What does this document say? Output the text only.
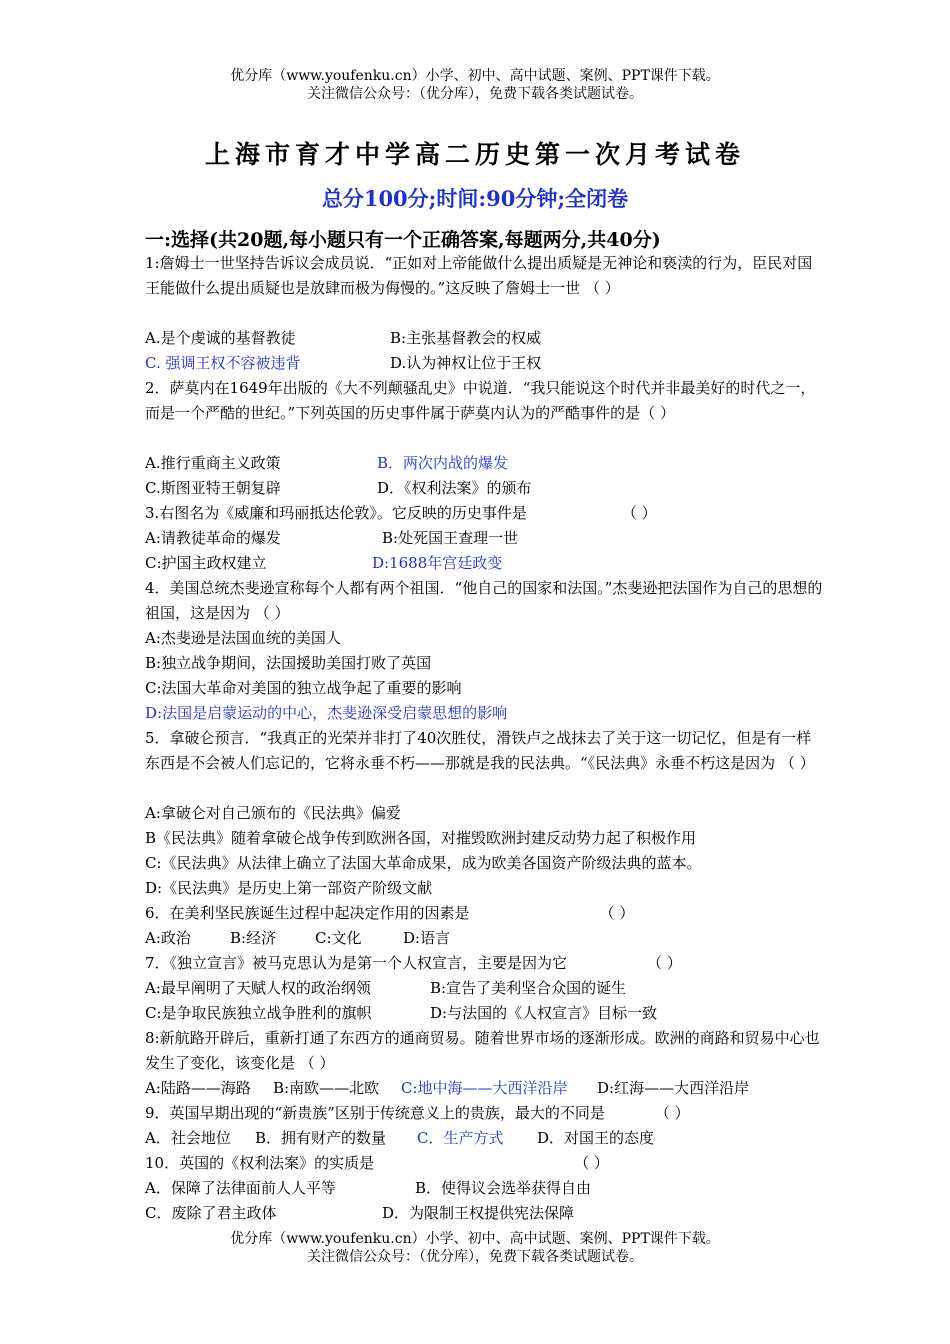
优分库（www.youfenku.cn）小学、初中、高中试题、案例、PPT课件下载。
关注微信公众号：（优分库），免费下载各类试题试卷。
上海市育才中学高二历史第一次月考试卷
总分100分;时间:90分钟;全闭卷
一:选择(共20题,每小题只有一个正确答案,每题两分,共40分)
1:詹姆士一世坚持告诉议会成员说．“正如对上帝能做什么提出质疑是无神论和亵渎的行为，臣民对国王能做什么提出质疑也是放肆而极为侮慢的。”这反映了詹姆士一世 （ ）
A.是个虔诚的基督教徒	B:主张基督教会的权威
C. 强调王权不容被违背	D.认为神权让位于王权
2．萨莫内在1649年出版的《大不列颠骚乱史》中说道．“我只能说这个时代并非最美好的时代之一，而是一个严酷的世纪。”下列英国的历史事件属于萨莫内认为的严酷事件的是（ ）
A.推行重商主义政策	B．两次内战的爆发
C.斯图亚特王朝复辟	D．《权利法案》的颁布
3.右图名为《威廉和玛丽抵达伦敦》。它反映的历史事件是	（ ）
A:请教徒革命的爆发	B:处死国王查理一世
C:护国主政权建立	D:1688年宫廷政变
4．美国总统杰斐逊宣称每个人都有两个祖国．“他自己的国家和法国。”杰斐逊把法国作为自己的思想的祖国，这是因为 （ ）
A:杰斐逊是法国血统的美国人
B:独立战争期间，法国援助美国打败了英国
C:法国大革命对美国的独立战争起了重要的影响
D:法国是启蒙运动的中心，杰斐逊深受启蒙思想的影响
5．拿破仑预言．“我真正的光荣并非打了40次胜仗，滑铁卢之战抹去了关于这一切记忆，但是有一样东西是不会被人们忘记的，它将永垂不朽——那就是我的民法典。“《民法典》永垂不朽这是因为 （ ）
A:拿破仑对自己颁布的《民法典》偏爱
B《民法典》随着拿破仑战争传到欧洲各国，对摧毁欧洲封建反动势力起了积极作用
C:《民法典》从法律上确立了法国大革命成果，成为欧美各国资产阶级法典的蓝本。
D:《民法典》是历史上第一部资产阶级文献
6．在美利坚民族诞生过程中起决定作用的因素是	（ ）
A:政治	B:经济	C:文化	D:语言
7．《独立宣言》被马克思认为是第一个人权宣言，主要是因为它	（ ）
A:最早阐明了天赋人权的政治纲领	B:宣告了美利坚合众国的诞生
C:是争取民族独立战争胜利的旗帜	D:与法国的《人权宣言》目标一致
8:新航路开辟后，重新打通了东西方的通商贸易。随着世界市场的逐渐形成。欧洲的商路和贸易中心也发生了变化，该变化是 （ ）
A:陆路——海路	B:南欧——北欧	C:地中海——大西洋沿岸	D:红海——大西洋沿岸
9．英国早期出现的“新贵族”区别于传统意义上的贵族，最大的不同是	（ ）
A．社会地位	B．拥有财产的数量	C．生产方式	D．对国王的态度
10．英国的《权利法案》的实质是	（ ）
A．保障了法律面前人人平等	B．使得议会选举获得自由
C．废除了君主政体	D．为限制王权提供宪法保障
优分库（www.youfenku.cn）小学、初中、高中试题、案例、PPT课件下载。
关注微信公众号：（优分库），免费下载各类试题试卷。
